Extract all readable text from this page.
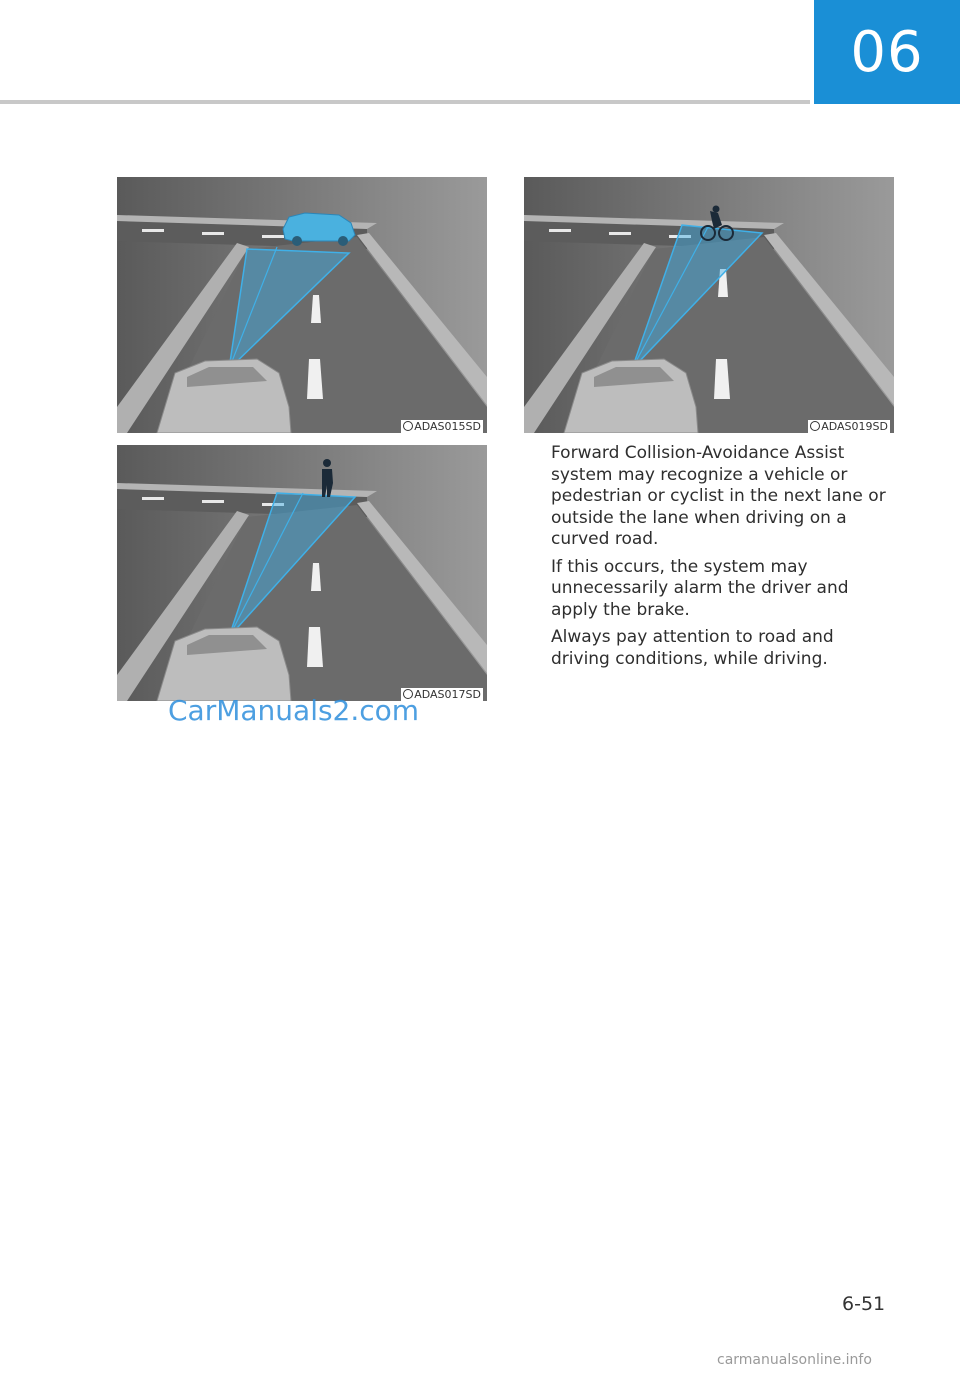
06
ADAS015SD
ADAS017SD
ADAS019SD

Forward Collision-Avoidance Assist system may recognize a vehicle or pedestrian or cyclist in the next lane or outside the lane when driving on a curved road.

If this occurs, the system may unnecessarily alarm the driver and apply the brake.

Always pay attention to road and driving conditions, while driving.

CarManuals2.com
6-51
carmanualsonline.info
